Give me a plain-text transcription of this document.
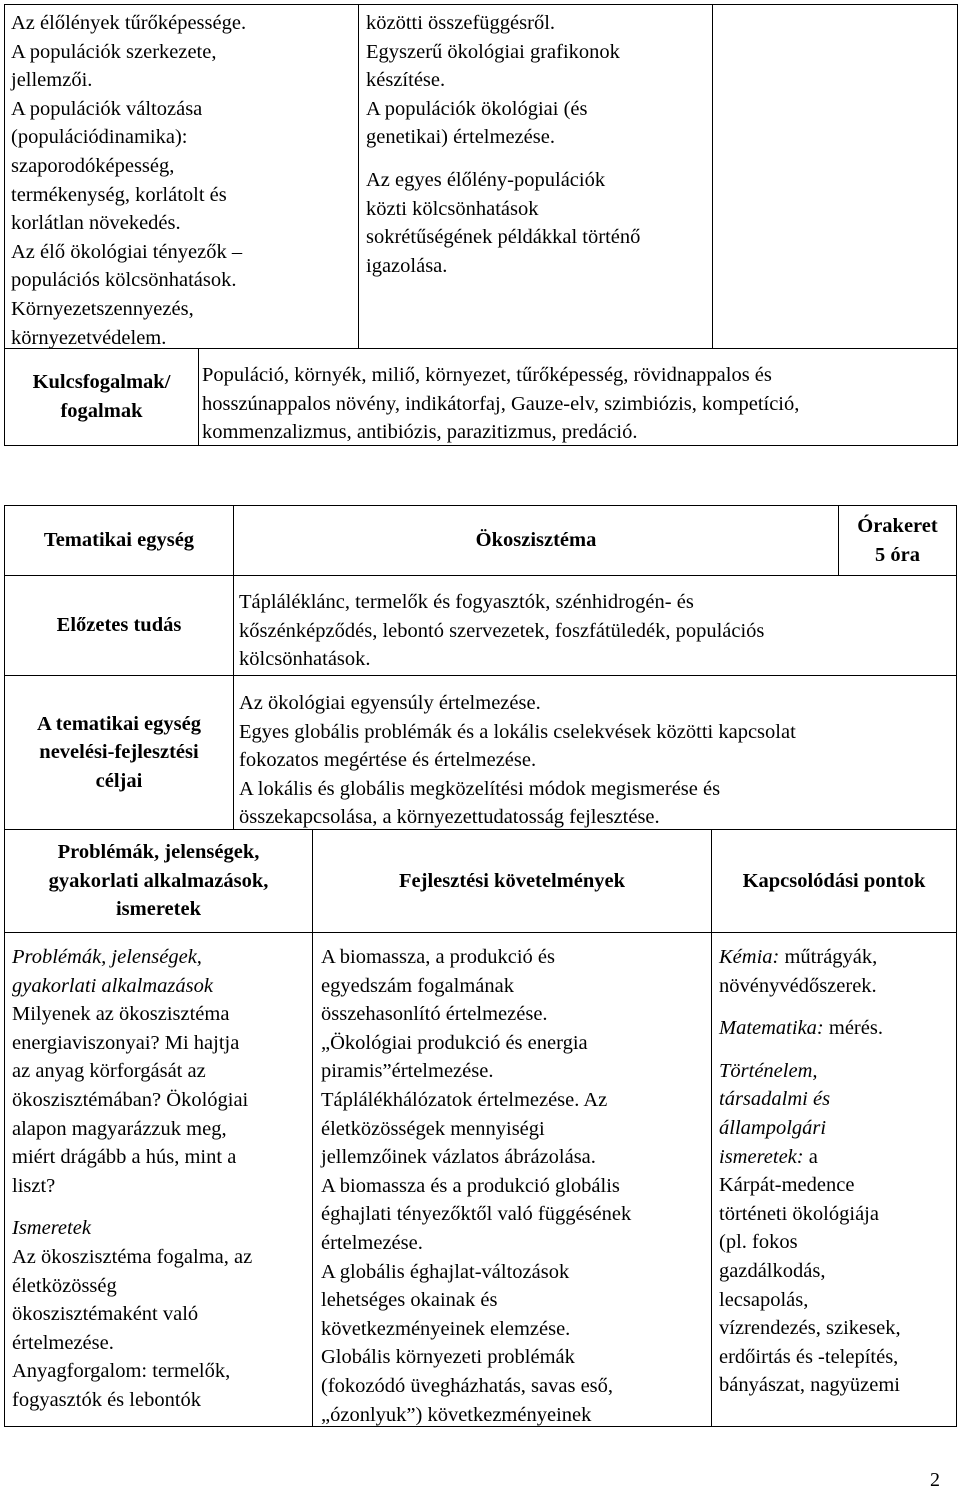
Az élőlények tűrőképessége.
A populációk szerkezete,
jellemzői.
A populációk változása
(populációdinamika):
szaporodóképesség,
termékenység, korlátolt és
korlátlan növekedés.
Az élő ökológiai tényezők –
populációs kölcsönhatások.
Környezetszennyezés,
környezetvédelem.
közötti összefüggésről.
Egyszerű ökológiai grafikonok
készítése.
A populációk ökológiai (és
genetikai) értelmezése.
Az egyes élőlény-populációk
közti kölcsönhatások
sokrétűségének példákkal történő
igazolása.
Kulcsfogalmak/
fogalmak
Populáció, környék, miliő, környezet, tűrőképesség, rövidnappalos és
hosszúnappalos növény, indikátorfaj, Gauze-elv, szimbiózis, kompetíció,
kommenzalizmus, antibiózis, parazitizmus, predáció.
Tematikai egység	Ökoszisztéma
Órakeret
5 óra
Előzetes tudás
Tápláléklánc, termelők és fogyasztók, szénhidrogén- és
kőszénképződés, lebontó szervezetek, foszfátüledék, populációs
kölcsönhatások.
A tematikai egység
nevelési-fejlesztési
céljai
Az ökológiai egyensúly értelmezése.
Egyes globális problémák és a lokális cselekvések közötti kapcsolat
fokozatos megértése és értelmezése.
A lokális és globális megközelítési módok megismerése és
összekapcsolása, a környezettudatosság fejlesztése.
Problémák, jelenségek,
gyakorlati alkalmazások,
ismeretek
Fejlesztési követelmények	Kapcsolódási pontok
Problémák, jelenségek,
gyakorlati alkalmazások
Milyenek az ökoszisztéma
energiaviszonyai? Mi hajtja
az anyag körforgását az
ökoszisztémában? Ökológiai
alapon magyarázzuk meg,
miért drágább a hús, mint a
liszt?
Ismeretek
Az ökoszisztéma fogalma, az
életközösség
ökoszisztémaként való
értelmezése.
Anyagforgalom: termelők,
fogyasztók és lebontók
A biomassza, a produkció és
egyedszám fogalmának
összehasonlító értelmezése.
„Ökológiai produkció és energia
piramis”értelmezése.
Táplálékhálózatok értelmezése. Az
életközösségek mennyiségi
jellemzőinek vázlatos ábrázolása.
A biomassza és a produkció globális
éghajlati tényezőktől való függésének
értelmezése.
A globális éghajlat-változások
lehetséges okainak és
következményeinek elemzése.
Globális környezeti problémák
(fokozódó üvegházhatás, savas eső,
„ózonlyuk”) következményeinek
Kémia: műtrágyák,
növényvédőszerek.
Matematika: mérés.
Történelem,
társadalmi és
állampolgári
ismeretek: a
Kárpát-medence
történeti ökológiája
(pl. fokos
gazdálkodás,
lecsapolás,
vízrendezés, szikesek,
erdőirtás és -telepítés,
bányászat, nagyüzemi
2
